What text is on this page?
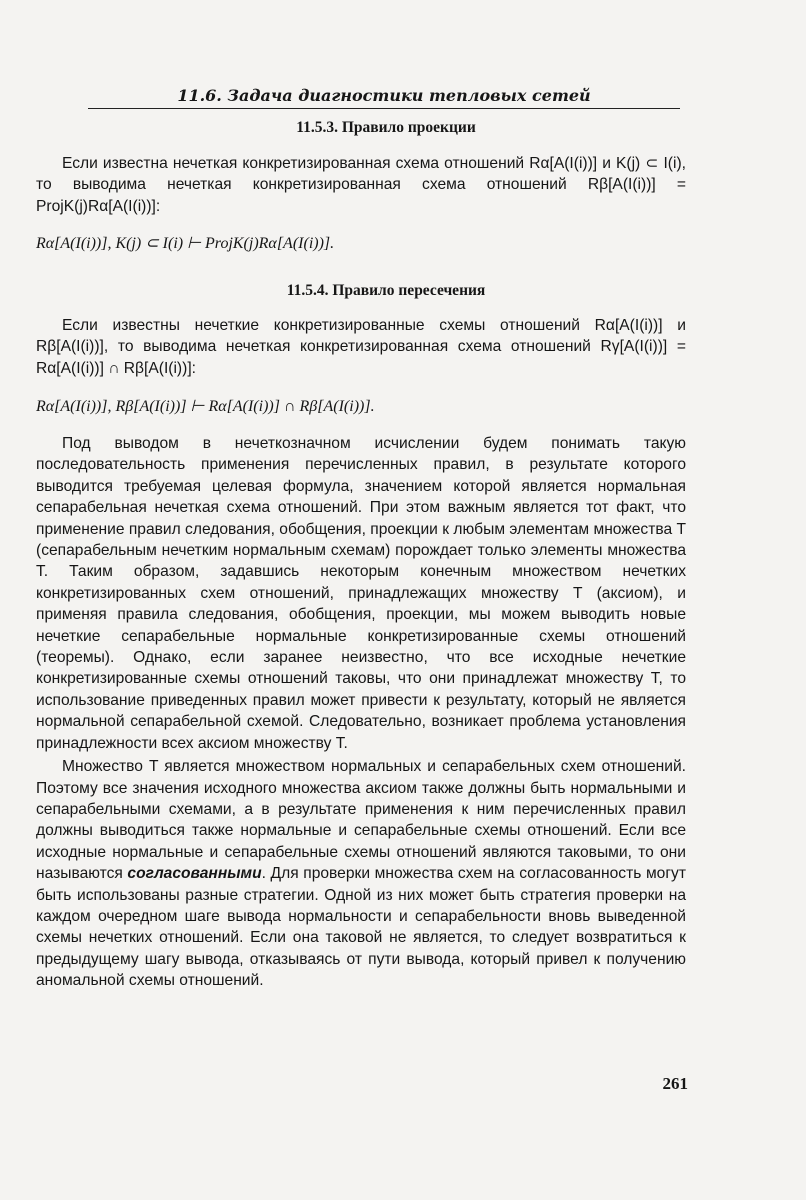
11.6. Задача диагностики тепловых сетей
11.5.3. Правило проекции

Если известна нечеткая конкретизированная схема отношений Rα[A(I(i))] и K(j) ⊂ I(i), то выводима нечеткая конкретизированная схема отношений Rβ[A(I(i))] = ProjK(j)Rα[A(I(i))]:

Rα[A(I(i))], K(j) ⊂ I(i) ⊢ ProjK(j)Rα[A(I(i))].
11.5.4. Правило пересечения

Если известны нечеткие конкретизированные схемы отношений Rα[A(I(i))] и Rβ[A(I(i))], то выводима нечеткая конкретизированная схема отношений Rγ[A(I(i))] = Rα[A(I(i))] ∩ Rβ[A(I(i))]:

Rα[A(I(i))], Rβ[A(I(i))] ⊢ Rα[A(I(i))] ∩ Rβ[A(I(i))].

Под выводом в нечеткозначном исчислении будем понимать такую последовательность применения перечисленных правил, в результате которого выводится требуемая целевая формула, значением которой является нормальная сепарабельная нечеткая схема отношений. При этом важным является тот факт, что применение правил следования, обобщения, проекции к любым элементам множества T (сепарабельным нечетким нормальным схемам) порождает только элементы множества T. Таким образом, задавшись некоторым конечным множеством нечетких конкретизированных схем отношений, принадлежащих множеству T (аксиом), и применяя правила следования, обобщения, проекции, мы можем выводить новые нечеткие сепарабельные нормальные конкретизированные схемы отношений (теоремы). Однако, если заранее неизвестно, что все исходные нечеткие конкретизированные схемы отношений таковы, что они принадлежат множеству T, то использование приведенных правил может привести к результату, который не является нормальной сепарабельной схемой. Следовательно, возникает проблема установления принадлежности всех аксиом множеству T.

Множество T является множеством нормальных и сепарабельных схем отношений. Поэтому все значения исходного множества аксиом также должны быть нормальными и сепарабельными схемами, а в результате применения к ним перечисленных правил должны выводиться также нормальные и сепарабельные схемы отношений. Если все исходные нормальные и сепарабельные схемы отношений являются таковыми, то они называются согласованными. Для проверки множества схем на согласованность могут быть использованы разные стратегии. Одной из них может быть стратегия проверки на каждом очередном шаге вывода нормальности и сепарабельности вновь выведенной схемы нечетких отношений. Если она таковой не является, то следует возвратиться к предыдущему шагу вывода, отказываясь от пути вывода, который привел к получению аномальной схемы отношений.

261
